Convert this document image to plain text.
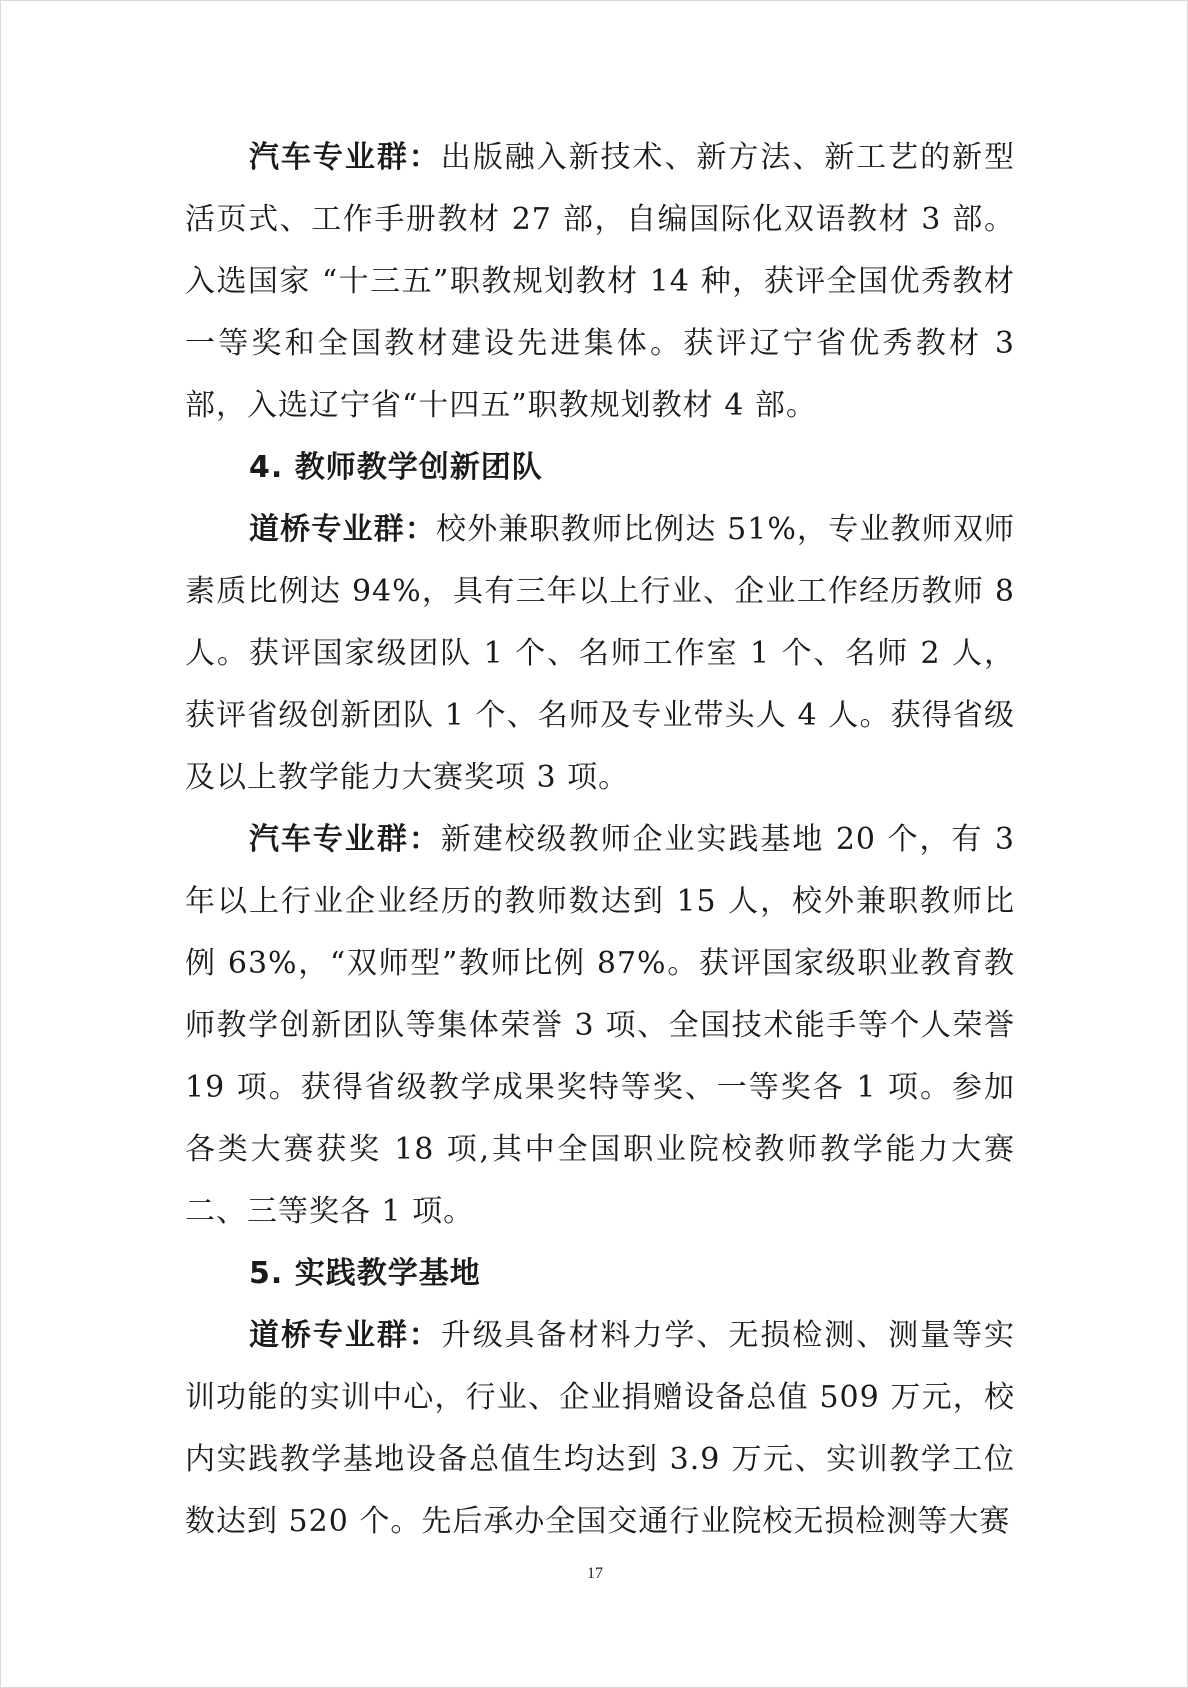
汽车专业群：出版融入新技术、新方法、新工艺的新型活页式、工作手册教材 27 部，自编国际化双语教材 3 部。入选国家 “十三五”职教规划教材 14 种，获评全国优秀教材一等奖和全国教材建设先进集体。获评辽宁省优秀教材 3 部，入选辽宁省“十四五”职教规划教材 4 部。

4. 教师教学创新团队

道桥专业群：校外兼职教师比例达 51%，专业教师双师素质比例达 94%，具有三年以上行业、企业工作经历教师 8 人。获评国家级团队 1 个、名师工作室 1 个、名师 2 人，获评省级创新团队 1 个、名师及专业带头人 4 人。获得省级及以上教学能力大赛奖项 3 项。

汽车专业群：新建校级教师企业实践基地 20 个，有 3 年以上行业企业经历的教师数达到 15 人，校外兼职教师比例 63%，“双师型”教师比例 87%。获评国家级职业教育教师教学创新团队等集体荣誉 3 项、全国技术能手等个人荣誉 19 项。获得省级教学成果奖特等奖、一等奖各 1 项。参加各类大赛获奖 18 项,其中全国职业院校教师教学能力大赛二、三等奖各 1 项。

5. 实践教学基地

道桥专业群：升级具备材料力学、无损检测、测量等实训功能的实训中心，行业、企业捐赠设备总值 509 万元，校内实践教学基地设备总值生均达到 3.9 万元、实训教学工位数达到 520 个。先后承办全国交通行业院校无损检测等大赛

17
